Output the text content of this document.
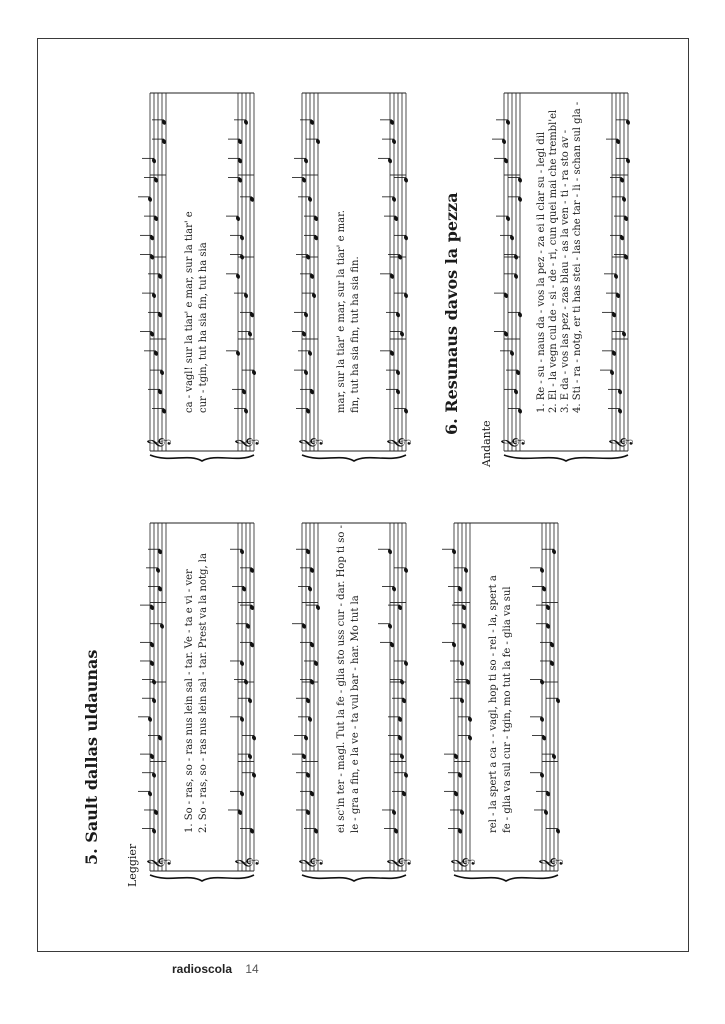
radioscola 14
5. Sault dallas uldaunas
Leggier 𝄞	𝄞
1. So - ras, so - ras nus lein sal - tar. Ve - ta e vi - ver 2. So - ras, so - ras nus lein sal - tar. Prest va la notg, la
𝄞	𝄞
ei sc'in ter - magl. Tut la fe - glia sto uss cur - dar. Hop ti so - le - gra a fin, e la ve - ta vul bar - har. Mo tut la
𝄞	𝄞
rel - la spert a ca - - vagl, hop ti so - rel - la, spert a fe - glia va sul cur - tgin, mo tut la fe - glia va sul
𝄞	𝄞
ca - vagl! sur la tiar' e mar, sur la tiar' e cur - tgin, tut ha sia fin, tut ha sia
𝄞	𝄞
mar, sur la tiar' e mar, sur la tiar' e mar. fin, tut ha sia fin, tut ha sia fin.	6. Resunaus davos la pezza
Andante 𝄞	𝄞
1. Re - su - naus da - vos la pez - za ei il clar su - legl dil 2. El - la vegn cul de - si - de - ri, cun quei mai che trembl'el 3. E da - vos las pez - zas blau - as la ven - ti - ra sto av - 4. Sti - ra - notg, er ti has stei - las che tar - li - schan sul gla -
